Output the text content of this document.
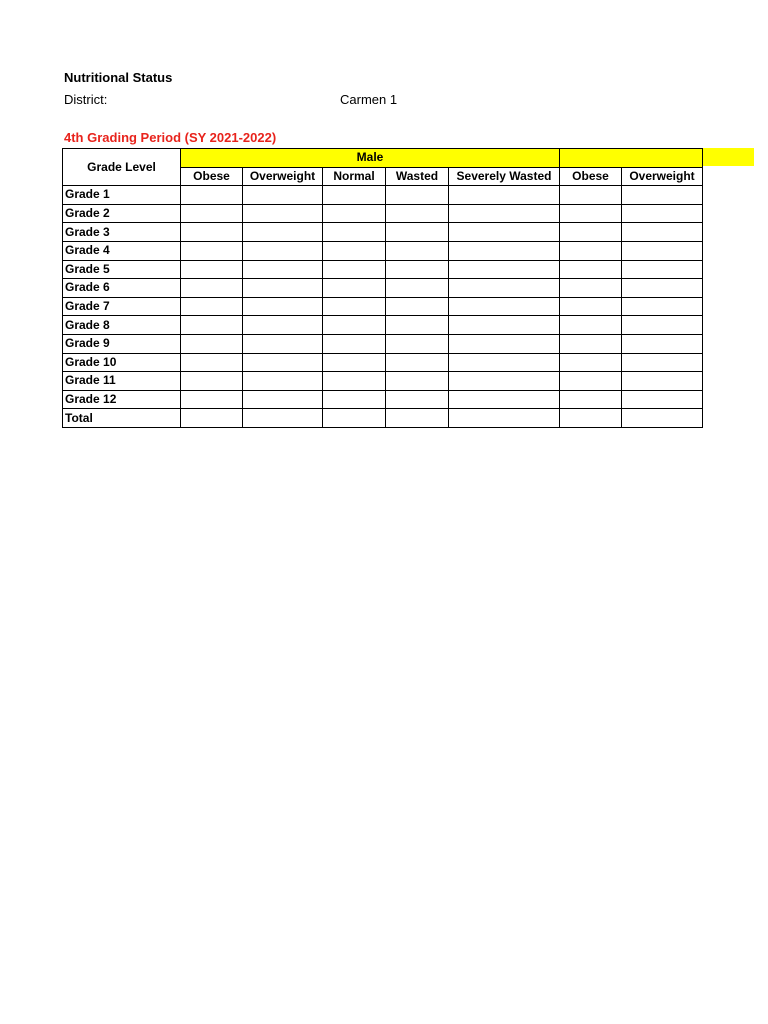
Nutritional Status
District:	Carmen 1
4th Grading Period (SY 2021-2022)
Grade Level	Male						
	Obese	Overweight	Normal	Wasted	Severely Wasted	Obese	Overweight
Grade 1							
Grade 2							
Grade 3							
Grade 4							
Grade 5							
Grade 6							
Grade 7							
Grade 8							
Grade 9							
Grade 10							
Grade 11							
Grade 12							
Total							
